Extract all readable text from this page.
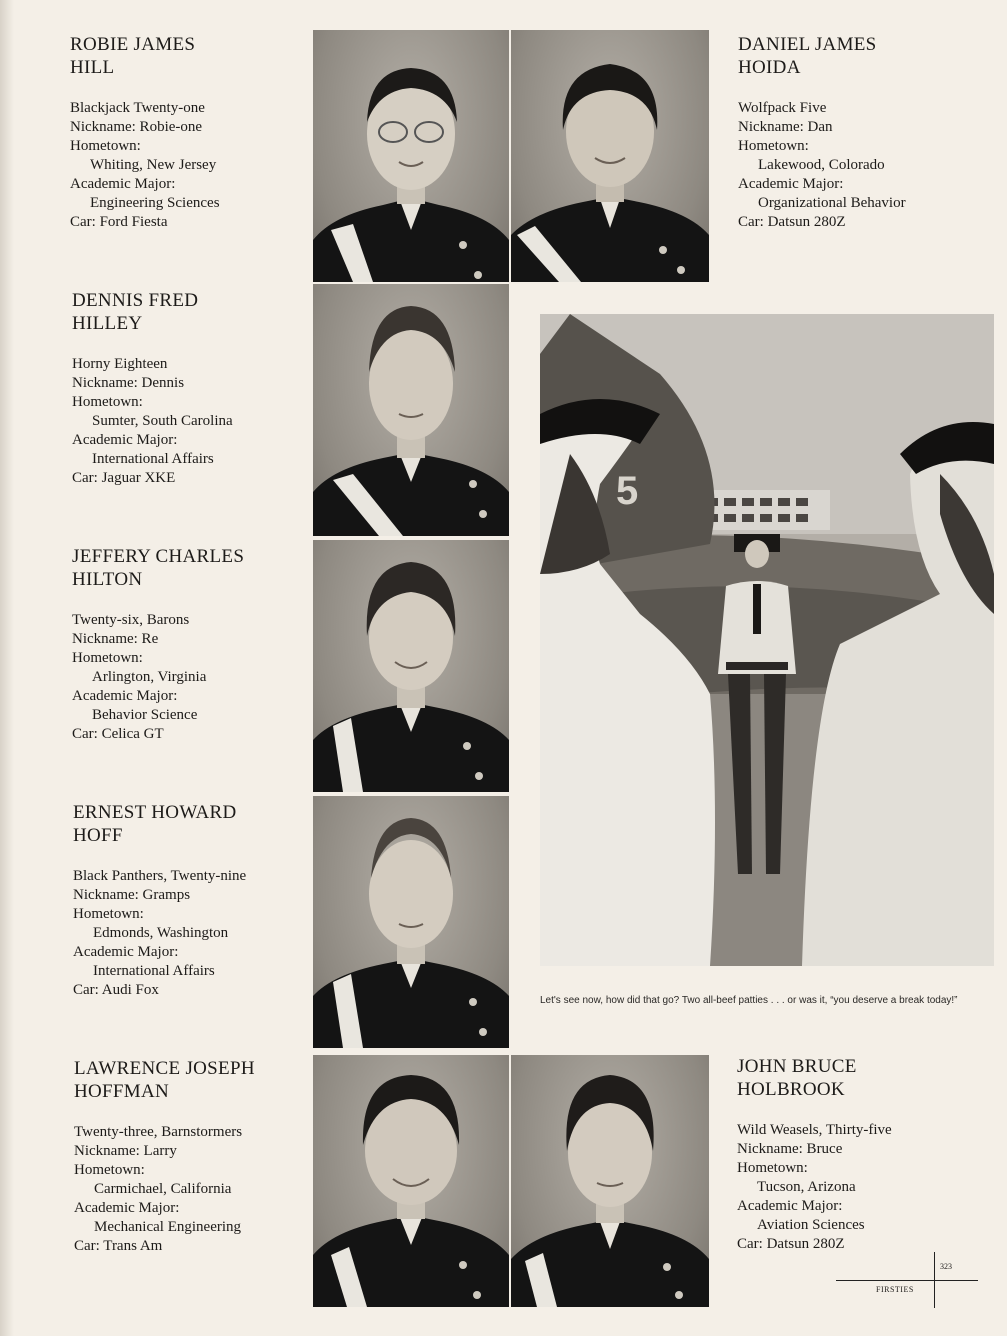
ROBIE JAMES
HILL
Blackjack Twenty-one
Nickname: Robie-one
Hometown:
Whiting, New Jersey
Academic Major:
Engineering Sciences
Car: Ford Fiesta
DANIEL JAMES
HOIDA
Wolfpack Five
Nickname: Dan
Hometown:
Lakewood, Colorado
Academic Major:
Organizational Behavior
Car: Datsun 280Z
DENNIS FRED
HILLEY
Horny Eighteen
Nickname: Dennis
Hometown:
Sumter, South Carolina
Academic Major:
International Affairs
Car: Jaguar XKE
JEFFERY CHARLES
HILTON
Twenty-six, Barons
Nickname: Re
Hometown:
Arlington, Virginia
Academic Major:
Behavior Science
Car: Celica GT
ERNEST HOWARD
HOFF
Black Panthers, Twenty-nine
Nickname: Gramps
Hometown:
Edmonds, Washington
Academic Major:
International Affairs
Car: Audi Fox
LAWRENCE JOSEPH
HOFFMAN
Twenty-three, Barnstormers
Nickname: Larry
Hometown:
Carmichael, California
Academic Major:
Mechanical Engineering
Car: Trans Am
JOHN BRUCE
HOLBROOK
Wild Weasels, Thirty-five
Nickname: Bruce
Hometown:
Tucson, Arizona
Academic Major:
Aviation Sciences
Car: Datsun 280Z
5
Let's see now, how did that go? Two all-beef patties . . . or was it, “you deserve a break today!”
323
FIRSTIES
